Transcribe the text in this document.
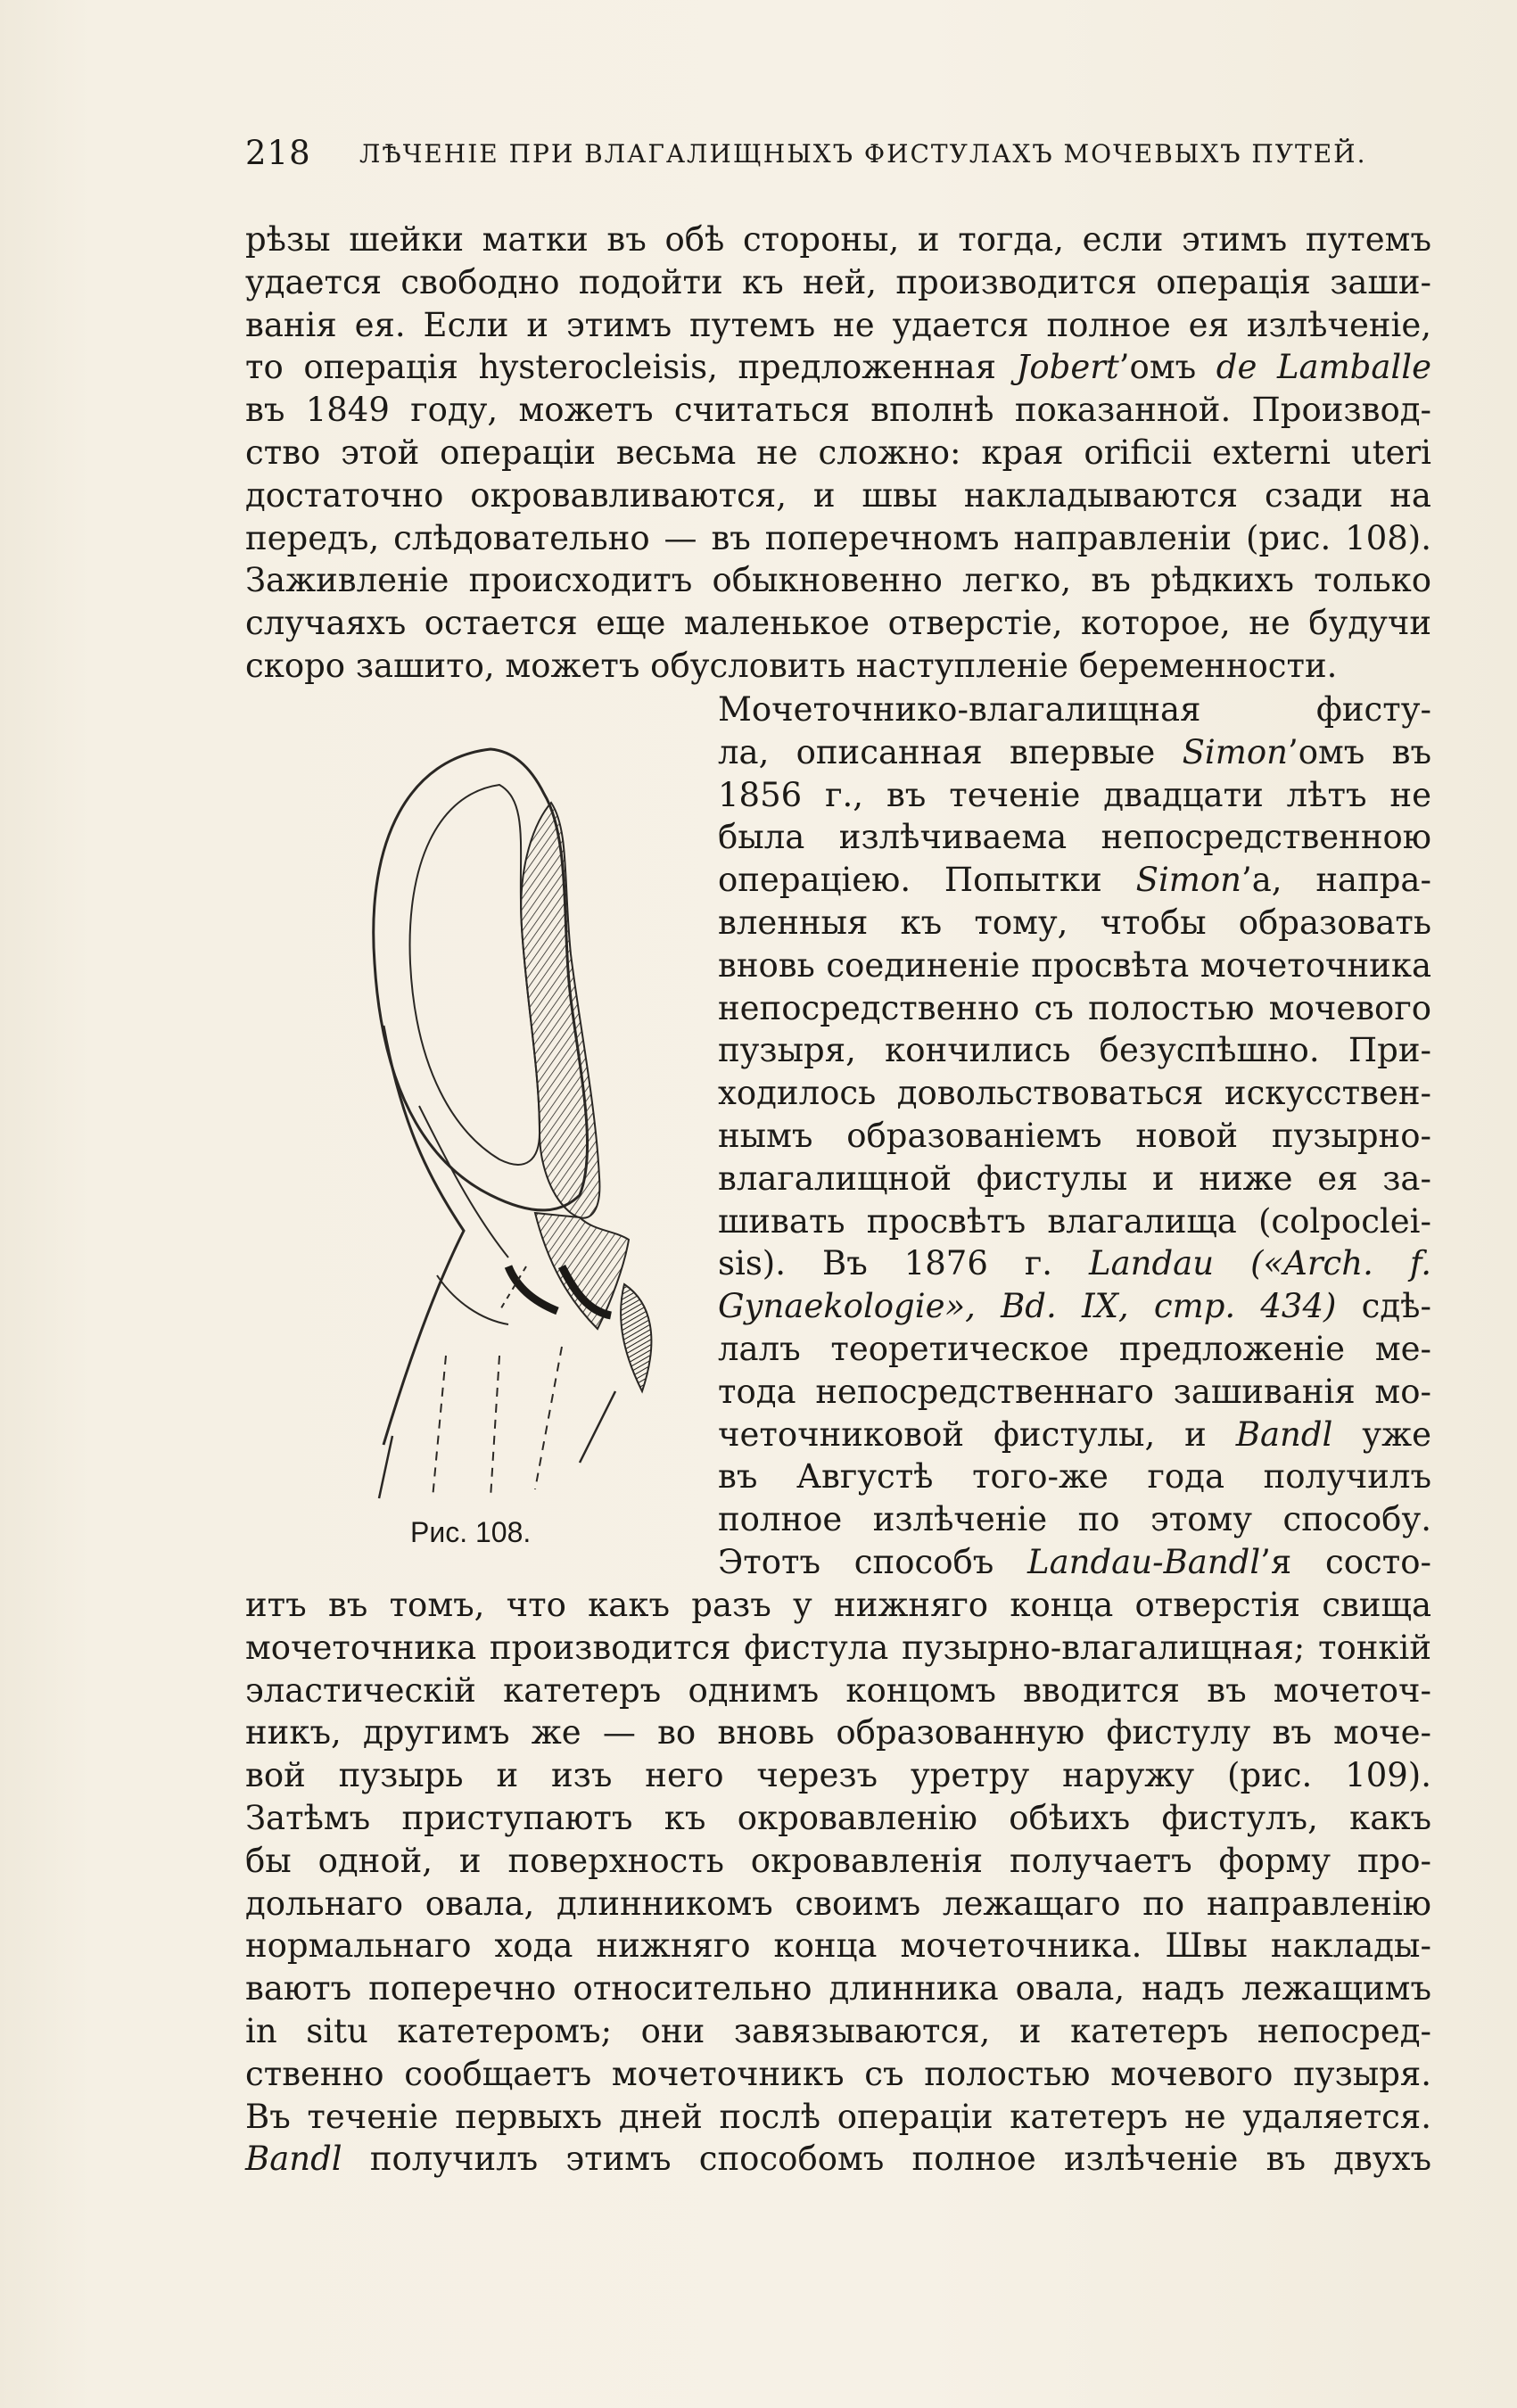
218 ЛѢЧЕНІЕ ПРИ ВЛАГАЛИЩНЫХЪ ФИСТУЛАХЪ МОЧЕВЫХЪ ПУТЕЙ.
рѣзы шейки матки въ обѣ стороны, и тогда, если этимъ путемъ
удается свободно подойти къ ней, производится операція заши-
ванія ея. Если и этимъ путемъ не удается полное ея излѣченіе,
то операція hysterocleisis, предложенная Jobert’омъ de Lamballe
въ 1849 году, можетъ считаться вполнѣ показанной. Производ-
ство этой операціи весьма не сложно: края orificii externi uteri
достаточно окровавливаются, и швы накладываются сзади на
передъ, слѣдовательно — въ поперечномъ направленіи (рис. 108).
Заживленіе происходитъ обыкновенно легко, въ рѣдкихъ только
случаяхъ остается еще маленькое отверстіе, которое, не будучи
скоро зашито, можетъ обусловить наступленіе беременности.
Рис. 108.
Мочеточнико-влагалищная фисту-
ла, описанная впервые Simon’омъ въ
1856 г., въ теченіе двадцати лѣтъ не
была излѣчиваема непосредственною
операціею. Попытки Simon’а, напра-
вленныя къ тому, чтобы образовать
вновь соединеніе просвѣта мочеточника
непосредственно съ полостью мочевого
пузыря, кончились безуспѣшно. При-
ходилось довольствоваться искусствен-
нымъ образованіемъ новой пузырно-
влагалищной фистулы и ниже ея за-
шивать просвѣтъ влагалища (colpoclei-
sis). Въ 1876 г. Landau («Arch. f.
Gynaekologie», Bd. IX, стр. 434) сдѣ-
лалъ теоретическое предложеніе ме-
тода непосредственнаго зашиванія мо-
четочниковой фистулы, и Bandl уже
въ Августѣ того-же года получилъ
полное излѣченіе по этому способу.
Этотъ способъ Landau-Bandl’я состо-
итъ въ томъ, что какъ разъ у нижняго конца отверстія свища
мочеточника производится фистула пузырно-влагалищная; тонкій
эластическій катетеръ однимъ концомъ вводится въ мочеточ-
никъ, другимъ же — во вновь образованную фистулу въ моче-
вой пузырь и изъ него черезъ уретру наружу (рис. 109).
Затѣмъ приступаютъ къ окровавленію обѣихъ фистулъ, какъ
бы одной, и поверхность окровавленія получаетъ форму про-
дольнаго овала, длинникомъ своимъ лежащаго по направленію
нормальнаго хода нижняго конца мочеточника. Швы наклады-
ваютъ поперечно относительно длинника овала, надъ лежащимъ
in situ катетеромъ; они завязываются, и катетеръ непосред-
ственно сообщаетъ мочеточникъ съ полостью мочевого пузыря.
Въ теченіе первыхъ дней послѣ операціи катетеръ не удаляется.
Bandl получилъ этимъ способомъ полное излѣченіе въ двухъ
